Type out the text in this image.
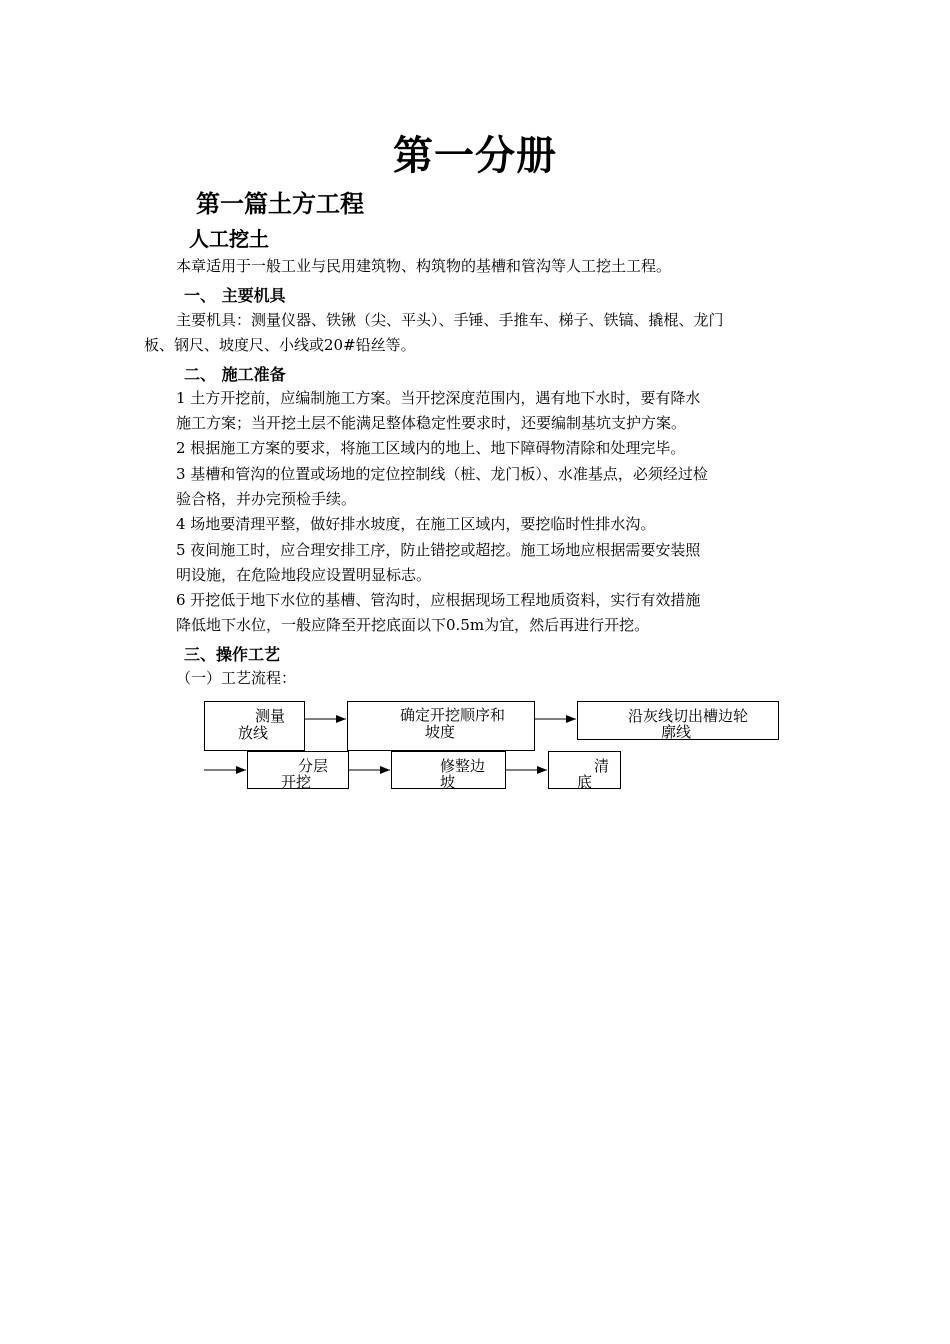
第一分册
第一篇土方工程
人工挖土
本章适用于一般工业与民用建筑物、构筑物的基槽和管沟等人工挖土工程。
一、 主要机具
主要机具：测量仪器、铁锹（尖、平头）、手锤、手推车、梯子、铁镐、撬棍、龙门
板、钢尺、坡度尺、小线或20#铅丝等。
二、 施工准备
1 土方开挖前，应编制施工方案。当开挖深度范围内，遇有地下水时，要有降水
施工方案；当开挖土层不能满足整体稳定性要求时，还要编制基坑支护方案。
2 根据施工方案的要求，将施工区域内的地上、地下障碍物清除和处理完毕。
3 基槽和管沟的位置或场地的定位控制线（桩、龙门板）、水准基点，必须经过检
验合格，并办完预检手续。
4 场地要清理平整，做好排水坡度，在施工区域内，要挖临时性排水沟。
5 夜间施工时，应合理安排工序，防止错挖或超挖。施工场地应根据需要安装照
明设施，在危险地段应设置明显标志。
6 开挖低于地下水位的基槽、管沟时，应根据现场工程地质资料，实行有效措施
降低地下水位，一般应降至开挖底面以下0.5m为宜，然后再进行开挖。
三、操作工艺
（一）工艺流程：
测量
放线
确定开挖顺序和
坡度
沿灰线切出槽边轮
廓线
分层
开挖
修整边
坡
清
底
